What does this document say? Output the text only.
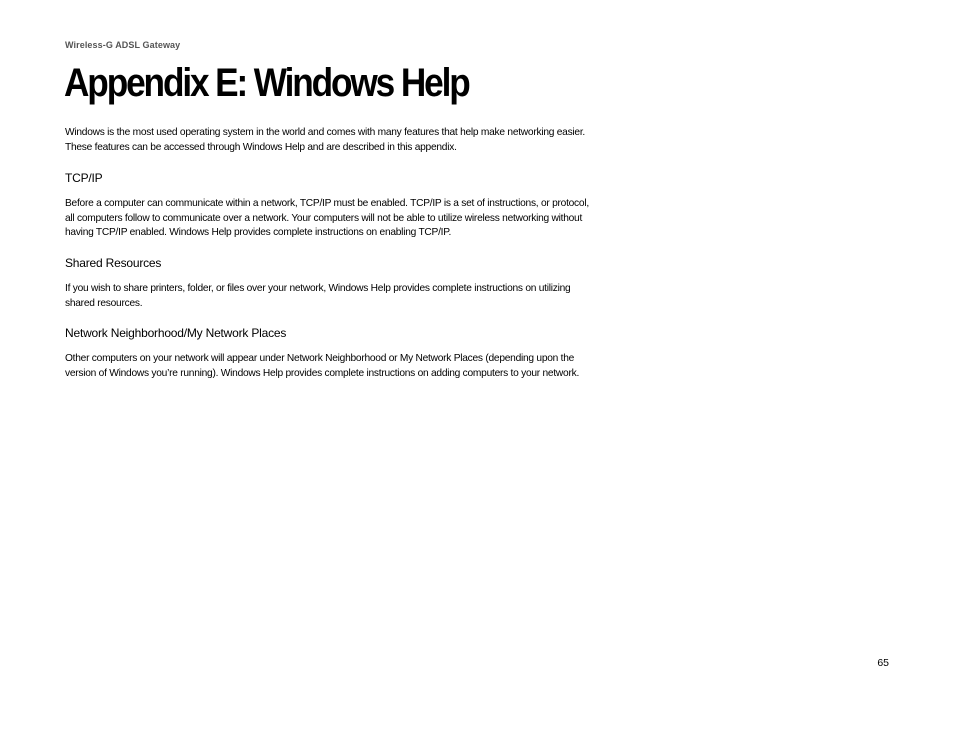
Wireless-G ADSL Gateway
Appendix E: Windows Help

Windows is the most used operating system in the world and comes with many features that help make networking easier. These features can be accessed through Windows Help and are described in this appendix.

TCP/IP

Before a computer can communicate within a network, TCP/IP must be enabled. TCP/IP is a set of instructions, or protocol, all computers follow to communicate over a network. Your computers will not be able to utilize wireless networking without having TCP/IP enabled. Windows Help provides complete instructions on enabling TCP/IP.

Shared Resources

If you wish to share printers, folder, or files over your network, Windows Help provides complete instructions on utilizing shared resources.

Network Neighborhood/My Network Places

Other computers on your network will appear under Network Neighborhood or My Network Places (depending upon the version of Windows you’re running). Windows Help provides complete instructions on adding computers to your network.

65
